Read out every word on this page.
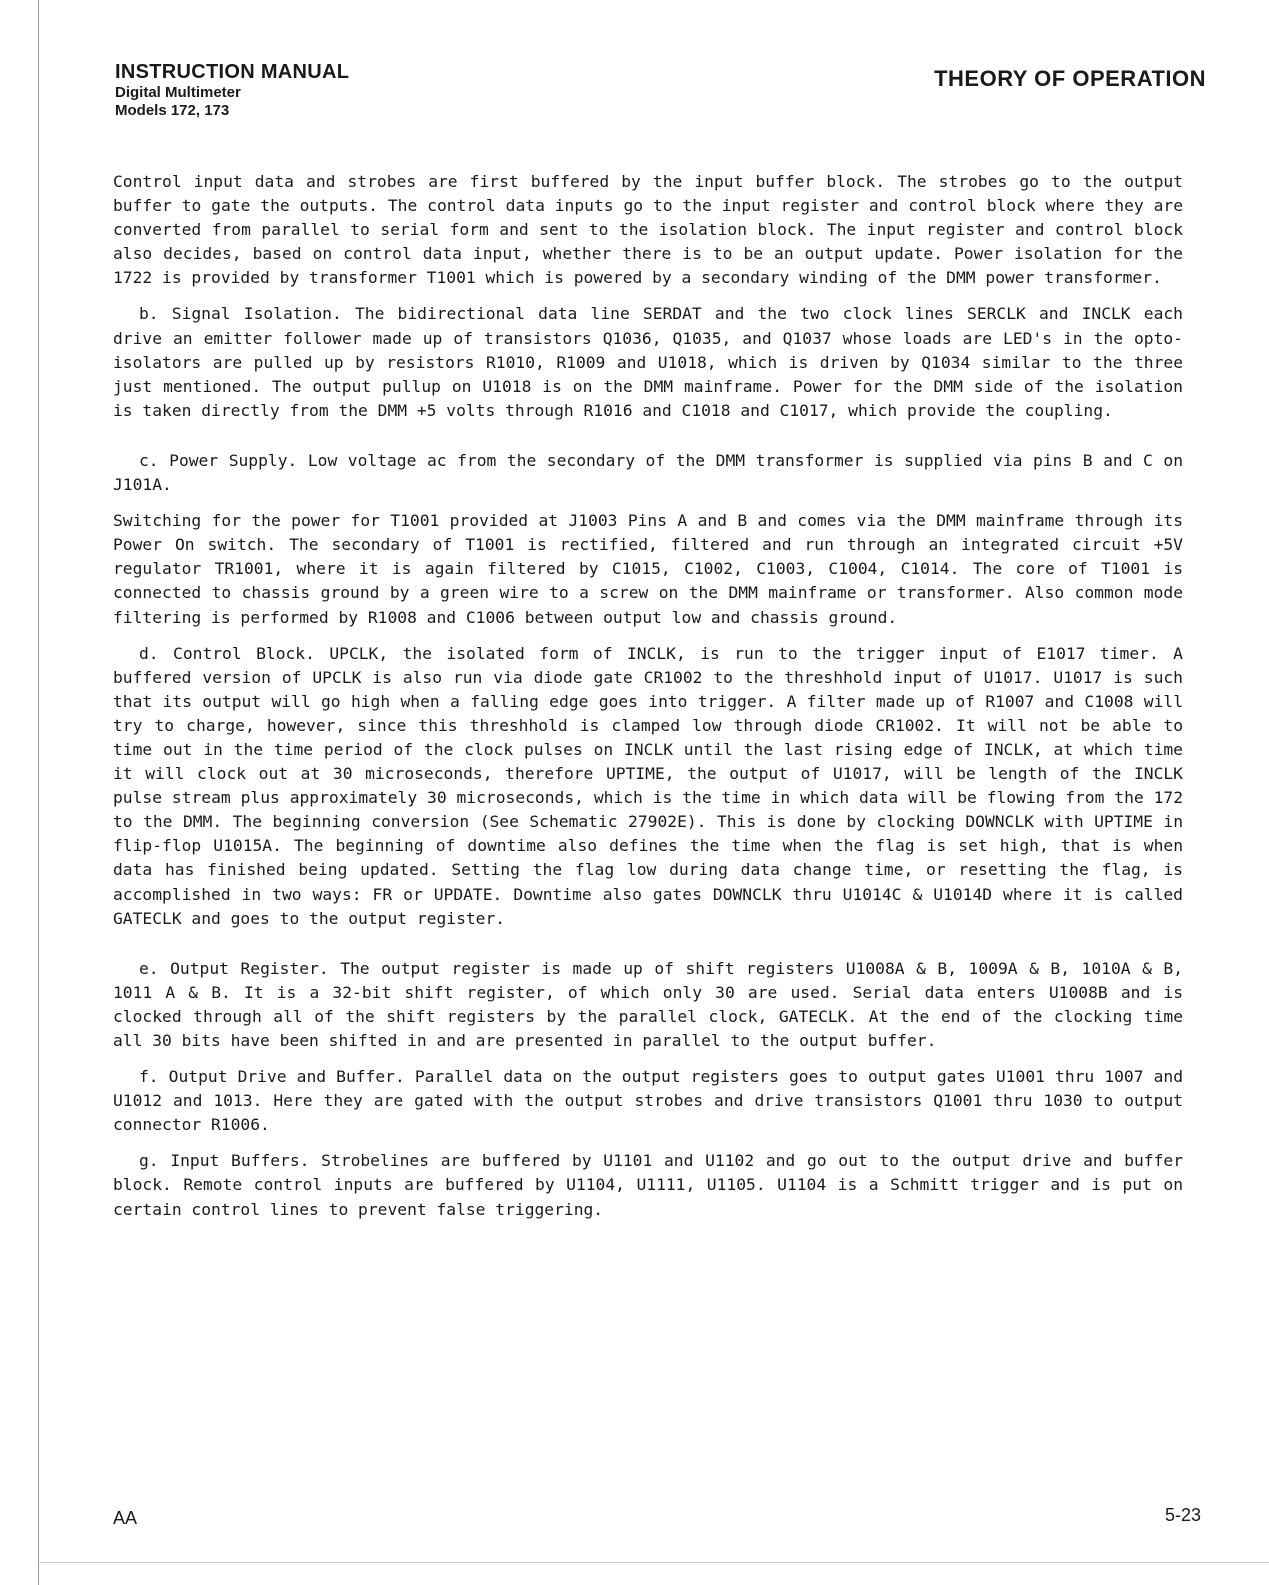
INSTRUCTION MANUAL
Digital Multimeter
Models 172, 173
THEORY OF OPERATION

Control input data and strobes are first buffered by the input buffer block. The strobes go to the output buffer to gate the outputs. The control data inputs go to the input register and control block where they are converted from parallel to serial form and sent to the isolation block. The input register and control block also decides, based on control data input, whether there is to be an output update. Power isolation for the 1722 is provided by transformer T1001 which is powered by a secondary winding of the DMM power transformer.

b. Signal Isolation. The bidirectional data line SERDAT and the two clock lines SERCLK and INCLK each drive an emitter follower made up of transistors Q1036, Q1035, and Q1037 whose loads are LED's in the opto-isolators are pulled up by resistors R1010, R1009 and U1018, which is driven by Q1034 similar to the three just mentioned. The output pullup on U1018 is on the DMM mainframe. Power for the DMM side of the isolation is taken directly from the DMM +5 volts through R1016 and C1018 and C1017, which provide the coupling.

c. Power Supply. Low voltage ac from the secondary of the DMM transformer is supplied via pins B and C on J101A.

Switching for the power for T1001 provided at J1003 Pins A and B and comes via the DMM mainframe through its Power On switch. The secondary of T1001 is rectified, filtered and run through an integrated circuit +5V regulator TR1001, where it is again filtered by C1015, C1002, C1003, C1004, C1014. The core of T1001 is connected to chassis ground by a green wire to a screw on the DMM mainframe or transformer. Also common mode filtering is performed by R1008 and C1006 between output low and chassis ground.

d. Control Block. UPCLK, the isolated form of INCLK, is run to the trigger input of E1017 timer. A buffered version of UPCLK is also run via diode gate CR1002 to the threshhold input of U1017. U1017 is such that its output will go high when a falling edge goes into trigger. A filter made up of R1007 and C1008 will try to charge, however, since this threshhold is clamped low through diode CR1002. It will not be able to time out in the time period of the clock pulses on INCLK until the last rising edge of INCLK, at which time it will clock out at 30 microseconds, therefore UPTIME, the output of U1017, will be length of the INCLK pulse stream plus approximately 30 microseconds, which is the time in which data will be flowing from the 172 to the DMM. The beginning conversion (See Schematic 27902E). This is done by clocking DOWNCLK with UPTIME in flip-flop U1015A. The beginning of downtime also defines the time when the flag is set high, that is when data has finished being updated. Setting the flag low during data change time, or resetting the flag, is accomplished in two ways: FR or UPDATE. Downtime also gates DOWNCLK thru U1014C & U1014D where it is called GATECLK and goes to the output register.

e. Output Register. The output register is made up of shift registers U1008A & B, 1009A & B, 1010A & B, 1011 A & B. It is a 32-bit shift register, of which only 30 are used. Serial data enters U1008B and is clocked through all of the shift registers by the parallel clock, GATECLK. At the end of the clocking time all 30 bits have been shifted in and are presented in parallel to the output buffer.

f. Output Drive and Buffer. Parallel data on the output registers goes to output gates U1001 thru 1007 and U1012 and 1013. Here they are gated with the output strobes and drive transistors Q1001 thru 1030 to output connector R1006.

g. Input Buffers. Strobelines are buffered by U1101 and U1102 and go out to the output drive and buffer block. Remote control inputs are buffered by U1104, U1111, U1105. U1104 is a Schmitt trigger and is put on certain control lines to prevent false triggering.

AA	5-23
